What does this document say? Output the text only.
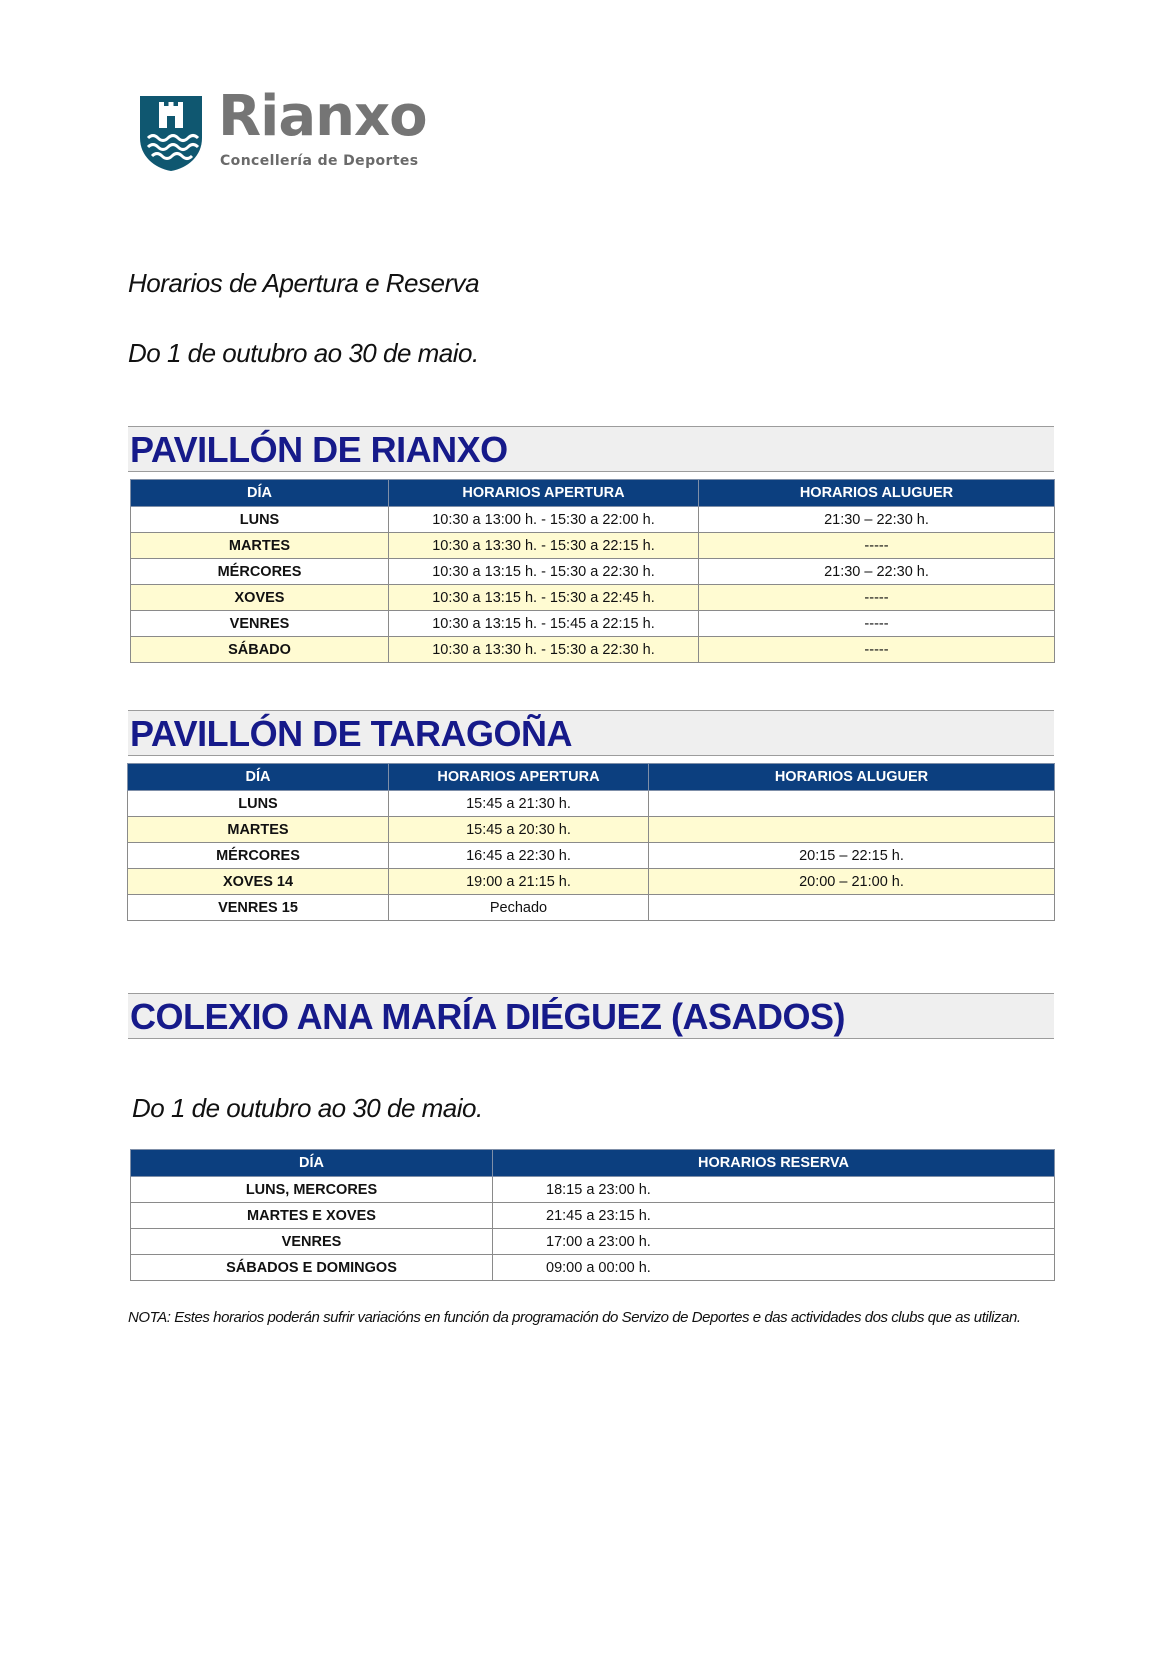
Rianxo
Concellería de Deportes
Horarios de Apertura e Reserva
Do 1 de outubro ao 30 de maio.
PAVILLÓN DE RIANXO
DÍA	HORARIOS APERTURA	HORARIOS ALUGUER
LUNS	10:30 a 13:00 h. - 15:30 a 22:00 h.	21:30 – 22:30 h.
MARTES	10:30 a 13:30 h. - 15:30 a 22:15 h.	-----
MÉRCORES	10:30 a 13:15 h. - 15:30 a 22:30 h.	21:30 – 22:30 h.
XOVES	10:30 a 13:15 h. - 15:30 a 22:45 h.	-----
VENRES	10:30 a 13:15 h. - 15:45 a 22:15 h.	-----
SÁBADO	10:30 a 13:30 h. - 15:30 a 22:30 h.	-----
PAVILLÓN DE TARAGOÑA
DÍA	HORARIOS APERTURA	HORARIOS ALUGUER
LUNS	15:45 a 21:30 h.	
MARTES	15:45 a 20:30 h.	
MÉRCORES	16:45 a 22:30 h.	20:15 – 22:15 h.
XOVES 14	19:00 a 21:15 h.	20:00 – 21:00 h.
VENRES 15	Pechado	
COLEXIO ANA MARÍA DIÉGUEZ (ASADOS)
Do 1 de outubro ao 30 de maio.
DÍA	HORARIOS RESERVA
LUNS, MERCORES	18:15 a 23:00 h.
MARTES E XOVES	21:45 a 23:15 h.
VENRES	17:00 a 23:00 h.
SÁBADOS E DOMINGOS	09:00 a 00:00 h.
NOTA: Estes horarios poderán sufrir variacións en función da programación do Servizo de Deportes e das actividades dos clubs que as utilizan.
